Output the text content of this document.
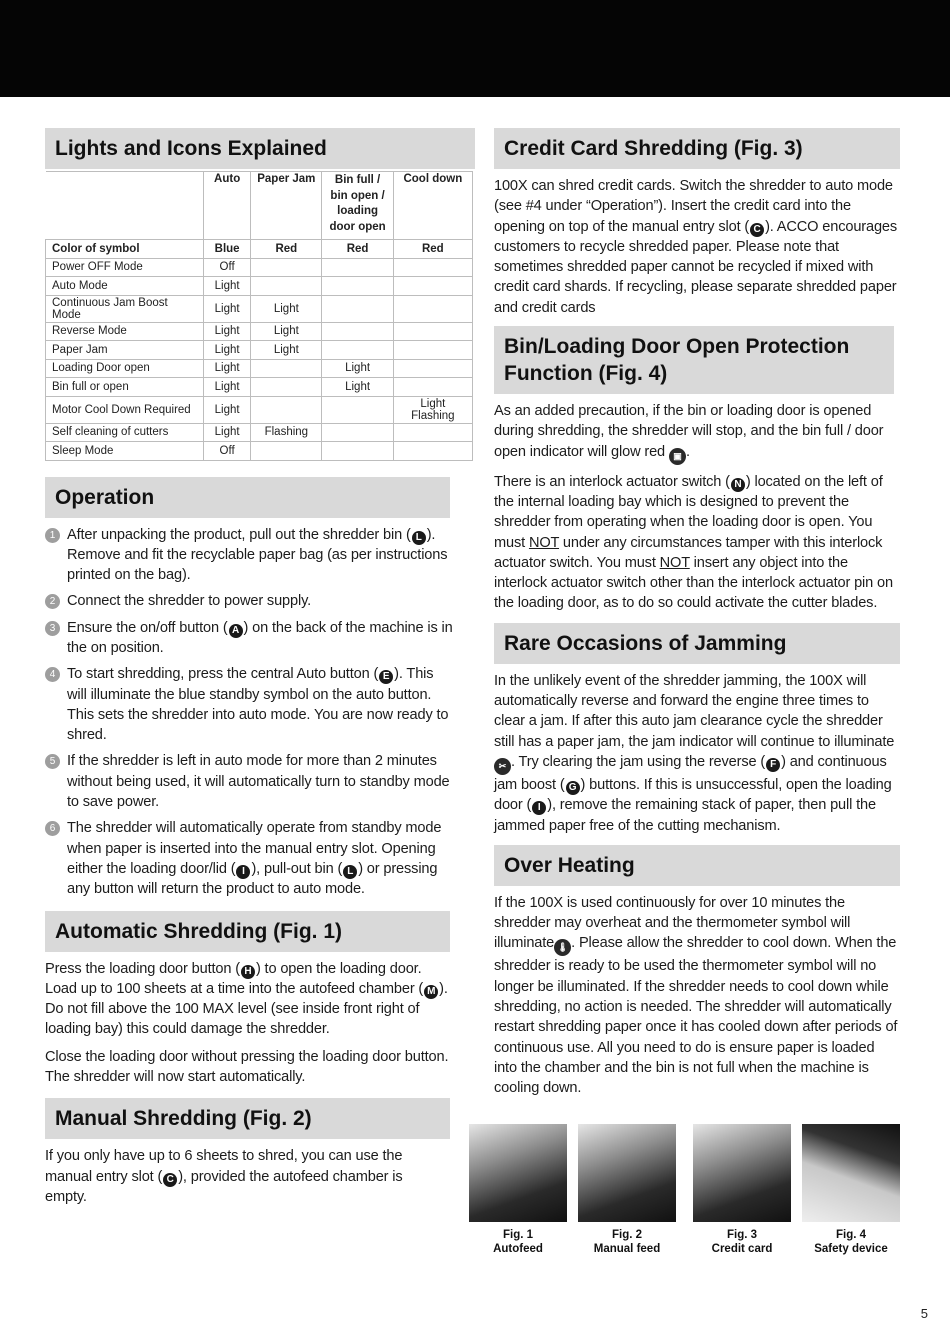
Lights and Icons Explained
	Auto	Paper Jam	Bin full / bin open / loading door open	Cool down
Color of symbol	Blue	Red	Red	Red
Power OFF Mode	Off			
Auto Mode	Light			
Continuous Jam Boost Mode	Light	Light		
Reverse Mode	Light	Light		
Paper Jam	Light	Light		
Loading Door open	Light		Light	
Bin full or open	Light		Light	
Motor Cool Down Required	Light			Light Flashing
Self cleaning of cutters	Light	Flashing		
Sleep Mode	Off			
Operation
1 After unpacking the product, pull out the shredder bin ( L ). Remove and fit the recyclable paper bag (as per instructions printed on the bag).
2 Connect the shredder to power supply.
3 Ensure the on/off button ( A ) on the back of the machine is in the on position.
4 To start shredding, press the central Auto button ( E ). This will illuminate the blue standby symbol on the auto button. This sets the shredder into auto mode. You are now ready to shred.
5 If the shredder is left in auto mode for more than 2 minutes without being used, it will automatically turn to standby mode to save power.
6 The shredder will automatically operate from standby mode when paper is inserted into the manual entry slot. Opening either the loading door/lid ( I ), pull-out bin ( L ) or pressing any button will return the product to auto mode.
Automatic Shredding (Fig. 1)

Press the loading door button ( H ) to open the loading door. Load up to 100 sheets at a time into the autofeed chamber ( M ). Do not fill above the 100 MAX level (see inside front right of loading bay) this could damage the shredder.

Close the loading door without pressing the loading door button. The shredder will now start automatically.

Manual Shredding (Fig. 2)

If you only have up to 6 sheets to shred, you can use the manual entry slot ( C ), provided the autofeed chamber is empty.

Credit Card Shredding (Fig. 3)

100X can shred credit cards. Switch the shredder to auto mode (see #4 under “Operation”). Insert the credit card into the opening on top of the manual entry slot ( C ). ACCO encourages customers to recycle shredded paper. Please note that sometimes shredded paper cannot be recycled if mixed with credit card shards. If recycling, please separate shredded paper and credit cards

Bin/Loading Door Open Protection Function (Fig. 4)

As an added precaution, if the bin or loading door is opened during shredding, the shredder will stop, and the bin full / door open indicator will glow red ▣ .

There is an interlock actuator switch ( N ) located on the left of the internal loading bay which is designed to prevent the shredder from operating when the loading door is open. You must NOT under any circumstances tamper with this interlock actuator switch. You must NOT insert any object into the interlock actuator switch other than the interlock actuator pin on the loading door, as to do so could activate the cutter blades.

Rare Occasions of Jamming

In the unlikely event of the shredder jamming, the 100X will automatically reverse and forward the engine three times to clear a jam. If after this auto jam clearance cycle the shredder still has a paper jam, the jam indicator will continue to illuminate✂ . Try clearing the jam using the reverse ( F ) and continuous jam boost ( G ) buttons. If this is unsuccessful, open the loading door ( I ), remove the remaining stack of paper, then pull the jammed paper free of the cutting mechanism.

Over Heating

If the 100X is used continuously for over 10 minutes the shredder may overheat and the thermometer symbol will illuminate 🌡 . Please allow the shredder to cool down. When the shredder is ready to be used the thermometer symbol will no longer be illuminated. If the shredder needs to cool down while shredding, no action is needed. The shredder will automatically restart shredding paper once it has cooled down after periods of continuous use. All you need to do is ensure paper is loaded into the chamber and the bin is not full when the machine is cooling down.

Fig. 1
Autofeed
Fig. 2
Manual feed
Fig. 3
Credit card
Fig. 4
Safety device
5
